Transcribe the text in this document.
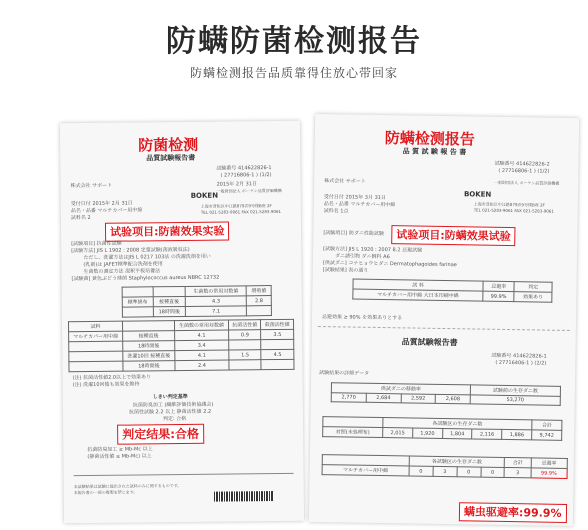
防螨防菌检测报告
防螨检测报告品质靠得住放心带回家
防菌检测
品質試験報告書
試験番号 414622826-1
( 27716806-1 ) (1/2)
株式会社 サボート	2015年 2月 31日
BOKEN
一般財団法人 ボーケン品質評価機構
上海市普陀区中江路879弄9号楼B座 2F
TEL 021-5283-9061 FAX 021-5283-9061
受付日付 2015年 2月 31日
品名・品番 マルチカバー用中綿
試料名 2
试验项目:防菌效果实验
[試験項目] 抗菌性試験
[試験方法] JIS L 1902 : 2008 定量試験(菌液吸収法)
ただし、洗濯方法はJIS L 0217 103法 の洗濯洗剤を用い
(乳剤)は JAFET標準配合洗剤を使用
生菌数の測定方法 混釈平板培養法
[試験菌] 黄色ぶどう球菌 Staphylococcus aureus NBRC 12732
		生菌数の常用対数値	増殖値
標準綿布	接種直後	4.3	2.8
	18時間後	7.1	
試料		生菌数の常用対数値	抗菌活性値	殺菌活性値
マルチカバー用中綿	接種直後	4.1	0.9	3.5
	18時間後	3.4		
	洗濯10回 接種直後	4.1	1.5	4.5
	18時間後	2.4		
(注) 抗菌活性値2.0以上で効果あり
(注) 洗濯10回後も効果を維持
しきい判定基準
抗菌防臭加工 (繊維評価技術協議会)
抗菌性試験 2.2 以上 静菌活性値 2.2
判定: 合格
判定结果:合格
抗菌防臭加工 ≥ Mb-Mc 以上
(静菌活性値 ≥ Mb-Mc) 以上
本試験結果は試験に提出された試料のみに関するものです。
本報告書の一部の複製を禁じます。
防螨检测报告
品 質 試 験 報 告 書
試験番号 414622826-2
( 27716806-1 ) (1/2)
株式会社 サボート
BOKEN
一般財団法人 ボーケン品質評価機構
上海市普陀区中江路879弄9号楼B座 2F
TEL 021-5283-9061 FAX 021-5283-9061
受付日付 2015年 3月 31日
品名・品番 マルチカバー用中綿
試料名 1点
试验项目:防螨效果试验
[試験項目] 防ダニ性能試験
[試験方法] JIS L 1920 : 2007 8.2 忌避試験
ダニ誘引物 ダニ飼料 A6
[供試ダニ] コナヒョウヒダニ Dermatophagoides farinae
[試験結果] 表の通り
試 料	忌避率	判定
マルチカバー用中綿 大日本印刷中綿	99.9%	効果あり
忌避効果 ≥ 90% を効果ありとする
品質試験報告書
試験番号 414622826-1
( 27716406-1 ) (2/2)
試験結果の詳細データ
供試ダニの移動率				試験前の生存ダニ数
2,770	2,684	2,592	2,608	53,270
	各試験区の生存ダニ数					合計
対照(未処理布)	2,015	1,920	1,804	2,116	1,886	9,742
	各試験区の生存ダニ数				合計	忌避率
マルチカバー用中綿	0	3	0	0	3	99.9%
螨虫驱避率:99.9%
